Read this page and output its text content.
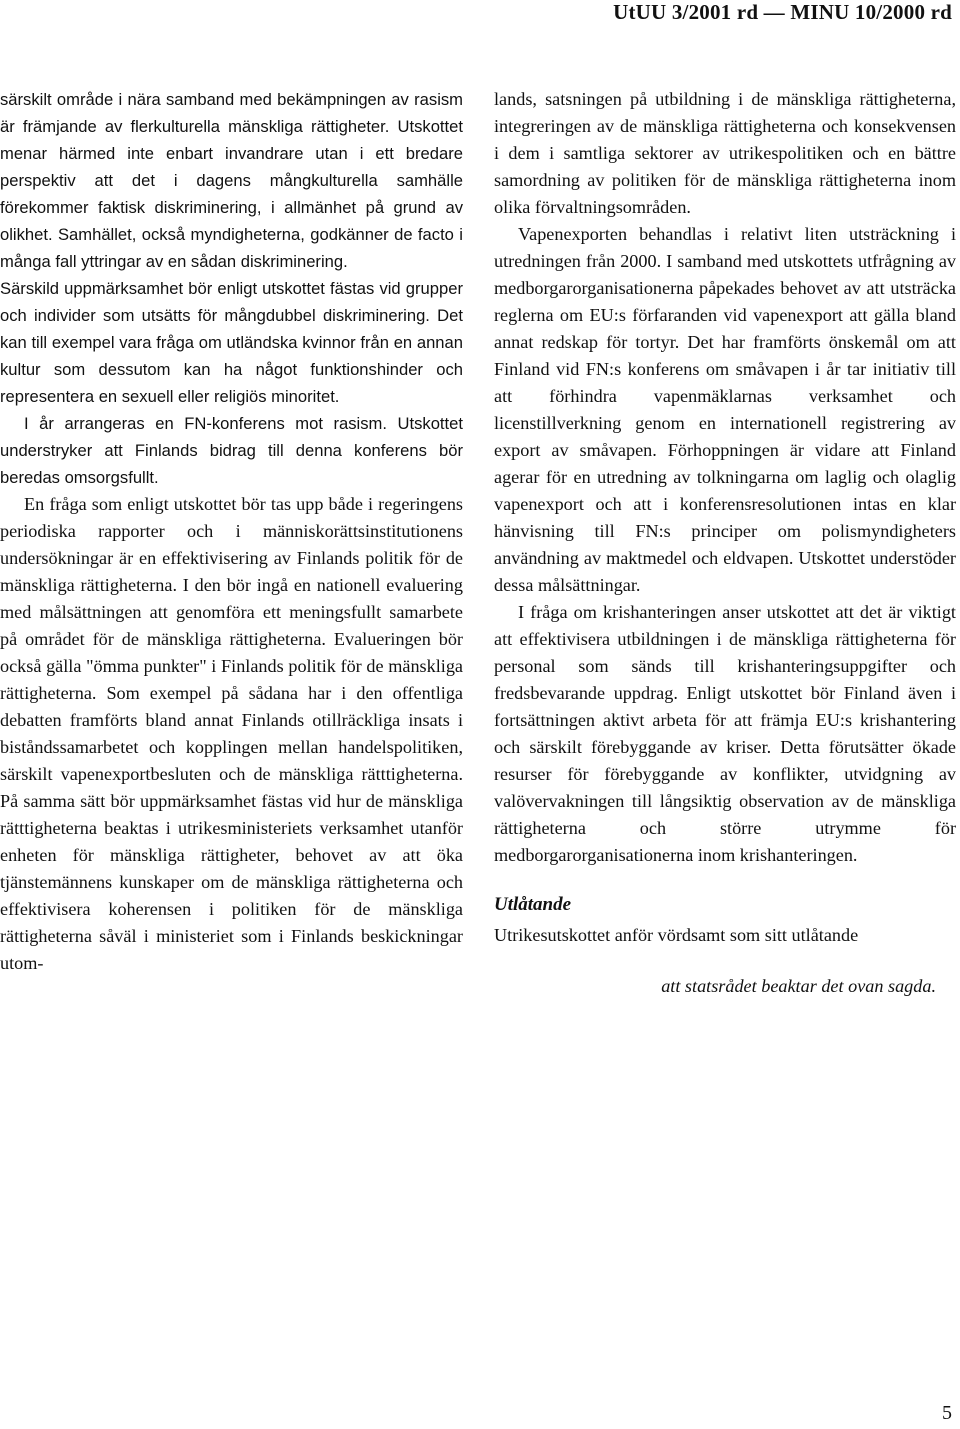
UtUU 3/2001 rd — MINU 10/2000 rd

särskilt område i nära samband med bekämpningen av rasism är främjande av flerkulturella mänskliga rättigheter. Utskottet menar härmed inte enbart invandrare utan i ett bredare perspektiv att det i dagens mångkulturella samhälle förekommer faktisk diskriminering, i allmänhet på grund av olikhet. Samhället, också myndigheterna, godkänner de facto i många fall yttringar av en sådan diskriminering.

Särskild uppmärksamhet bör enligt utskottet fästas vid grupper och individer som utsätts för mångdubbel diskriminering. Det kan till exempel vara fråga om utländska kvinnor från en annan kultur som dessutom kan ha något funktionshinder och representera en sexuell eller religiös minoritet.

I år arrangeras en FN-konferens mot rasism. Utskottet understryker att Finlands bidrag till denna konferens bör beredas omsorgsfullt.

En fråga som enligt utskottet bör tas upp både i regeringens periodiska rapporter och i människorättsinstitutionens undersökningar är en effektivisering av Finlands politik för de mänskliga rättigheterna. I den bör ingå en nationell evaluering med målsättningen att genomföra ett meningsfullt samarbete på området för de mänskliga rättigheterna. Evalueringen bör också gälla "ömma punkter" i Finlands politik för de mänskliga rättigheterna. Som exempel på sådana har i den offentliga debatten framförts bland annat Finlands otillräckliga insats i biståndssamarbetet och kopplingen mellan handelspolitiken, särskilt vapenexportbesluten och de mänskliga rätttigheterna. På samma sätt bör uppmärksamhet fästas vid hur de mänskliga rätttigheterna beaktas i utrikesministeriets verksamhet utanför enheten för mänskliga rättigheter, behovet av att öka tjänstemännens kunskaper om de mänskliga rättigheterna och effektivisera koherensen i politiken för de mänskliga rättigheterna såväl i ministeriet som i Finlands beskickningar utom-

lands, satsningen på utbildning i de mänskliga rättigheterna, integreringen av de mänskliga rättigheterna och konsekvensen i dem i samtliga sektorer av utrikespolitiken och en bättre samordning av politiken för de mänskliga rättigheterna inom olika förvaltningsområden.

Vapenexporten behandlas i relativt liten utsträckning i utredningen från 2000. I samband med utskottets utfrågning av medborgarorganisationerna påpekades behovet av att utsträcka reglerna om EU:s förfaranden vid vapenexport att gälla bland annat redskap för tortyr. Det har framförts önskemål om att Finland vid FN:s konferens om småvapen i år tar initiativ till att förhindra vapenmäklarnas verksamhet och licenstillverkning genom en internationell registrering av export av småvapen. Förhoppningen är vidare att Finland agerar för en utredning av tolkningarna om laglig och olaglig vapenexport och att i konferensresolutionen intas en klar hänvisning till FN:s principer om polismyndigheters användning av maktmedel och eldvapen. Utskottet understöder dessa målsättningar.

I fråga om krishanteringen anser utskottet att det är viktigt att effektivisera utbildningen i de mänskliga rättigheterna för personal som sänds till krishanteringsuppgifter och fredsbevarande uppdrag. Enligt utskottet bör Finland även i fortsättningen aktivt arbeta för att främja EU:s krishantering och särskilt förebyggande av kriser. Detta förutsätter ökade resurser för förebyggande av konflikter, utvidgning av valövervakningen till långsiktig observation av de mänskliga rättigheterna och större utrymme för medborgarorganisationerna inom krishanteringen.

Utlåtande

Utrikesutskottet anför vördsamt som sitt utlåtande

att statsrådet beaktar det ovan sagda.

5
